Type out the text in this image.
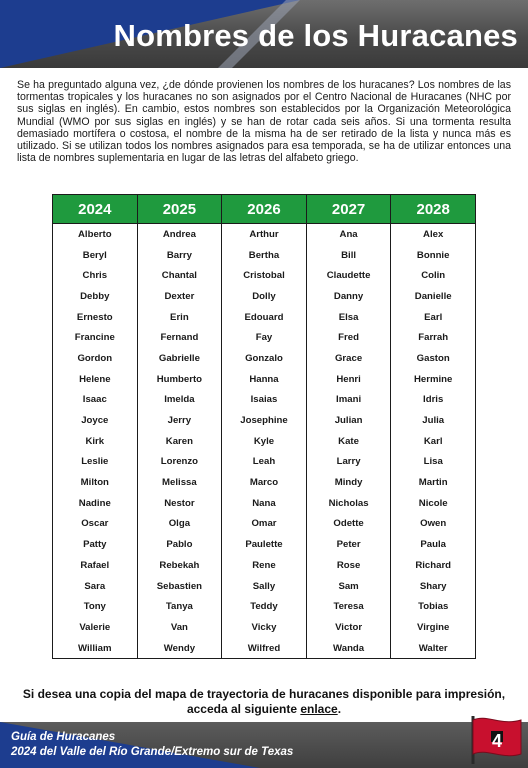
Nombres de los Huracanes

Se ha preguntado alguna vez, ¿de dónde provienen los nombres de los huracanes? Los nombres de las tormentas tropicales y los huracanes no son asignados por el Centro Nacional de Huracanes (NHC por sus siglas en inglés). En cambio, estos nombres son establecidos por la Organización Meteorológica Mundial (WMO por sus siglas en inglés) y se han de rotar cada seis años. Si una tormenta resulta demasiado mortífera o costosa, el nombre de la misma ha de ser retirado de la lista y nunca más es utilizado. Si se utilizan todos los nombres asignados para esa temporada, se ha de utilizar entonces una lista de nombres suplementaria en lugar de las letras del alfabeto griego.

2024	2025	2026	2027	2028
Alberto	Andrea	Arthur	Ana	Alex
Beryl	Barry	Bertha	Bill	Bonnie
Chris	Chantal	Cristobal	Claudette	Colin
Debby	Dexter	Dolly	Danny	Danielle
Ernesto	Erin	Edouard	Elsa	Earl
Francine	Fernand	Fay	Fred	Farrah
Gordon	Gabrielle	Gonzalo	Grace	Gaston
Helene	Humberto	Hanna	Henri	Hermine
Isaac	Imelda	Isaias	Imani	Idris
Joyce	Jerry	Josephine	Julian	Julia
Kirk	Karen	Kyle	Kate	Karl
Leslie	Lorenzo	Leah	Larry	Lisa
Milton	Melissa	Marco	Mindy	Martin
Nadine	Nestor	Nana	Nicholas	Nicole
Oscar	Olga	Omar	Odette	Owen
Patty	Pablo	Paulette	Peter	Paula
Rafael	Rebekah	Rene	Rose	Richard
Sara	Sebastien	Sally	Sam	Shary
Tony	Tanya	Teddy	Teresa	Tobias
Valerie	Van	Vicky	Victor	Virgine
William	Wendy	Wilfred	Wanda	Walter

Si desea una copia del mapa de trayectoria de huracanes disponible para impresión, acceda al siguiente enlace.

Guía de Huracanes
2024 del Valle del Río Grande/Extremo sur de Texas
4
